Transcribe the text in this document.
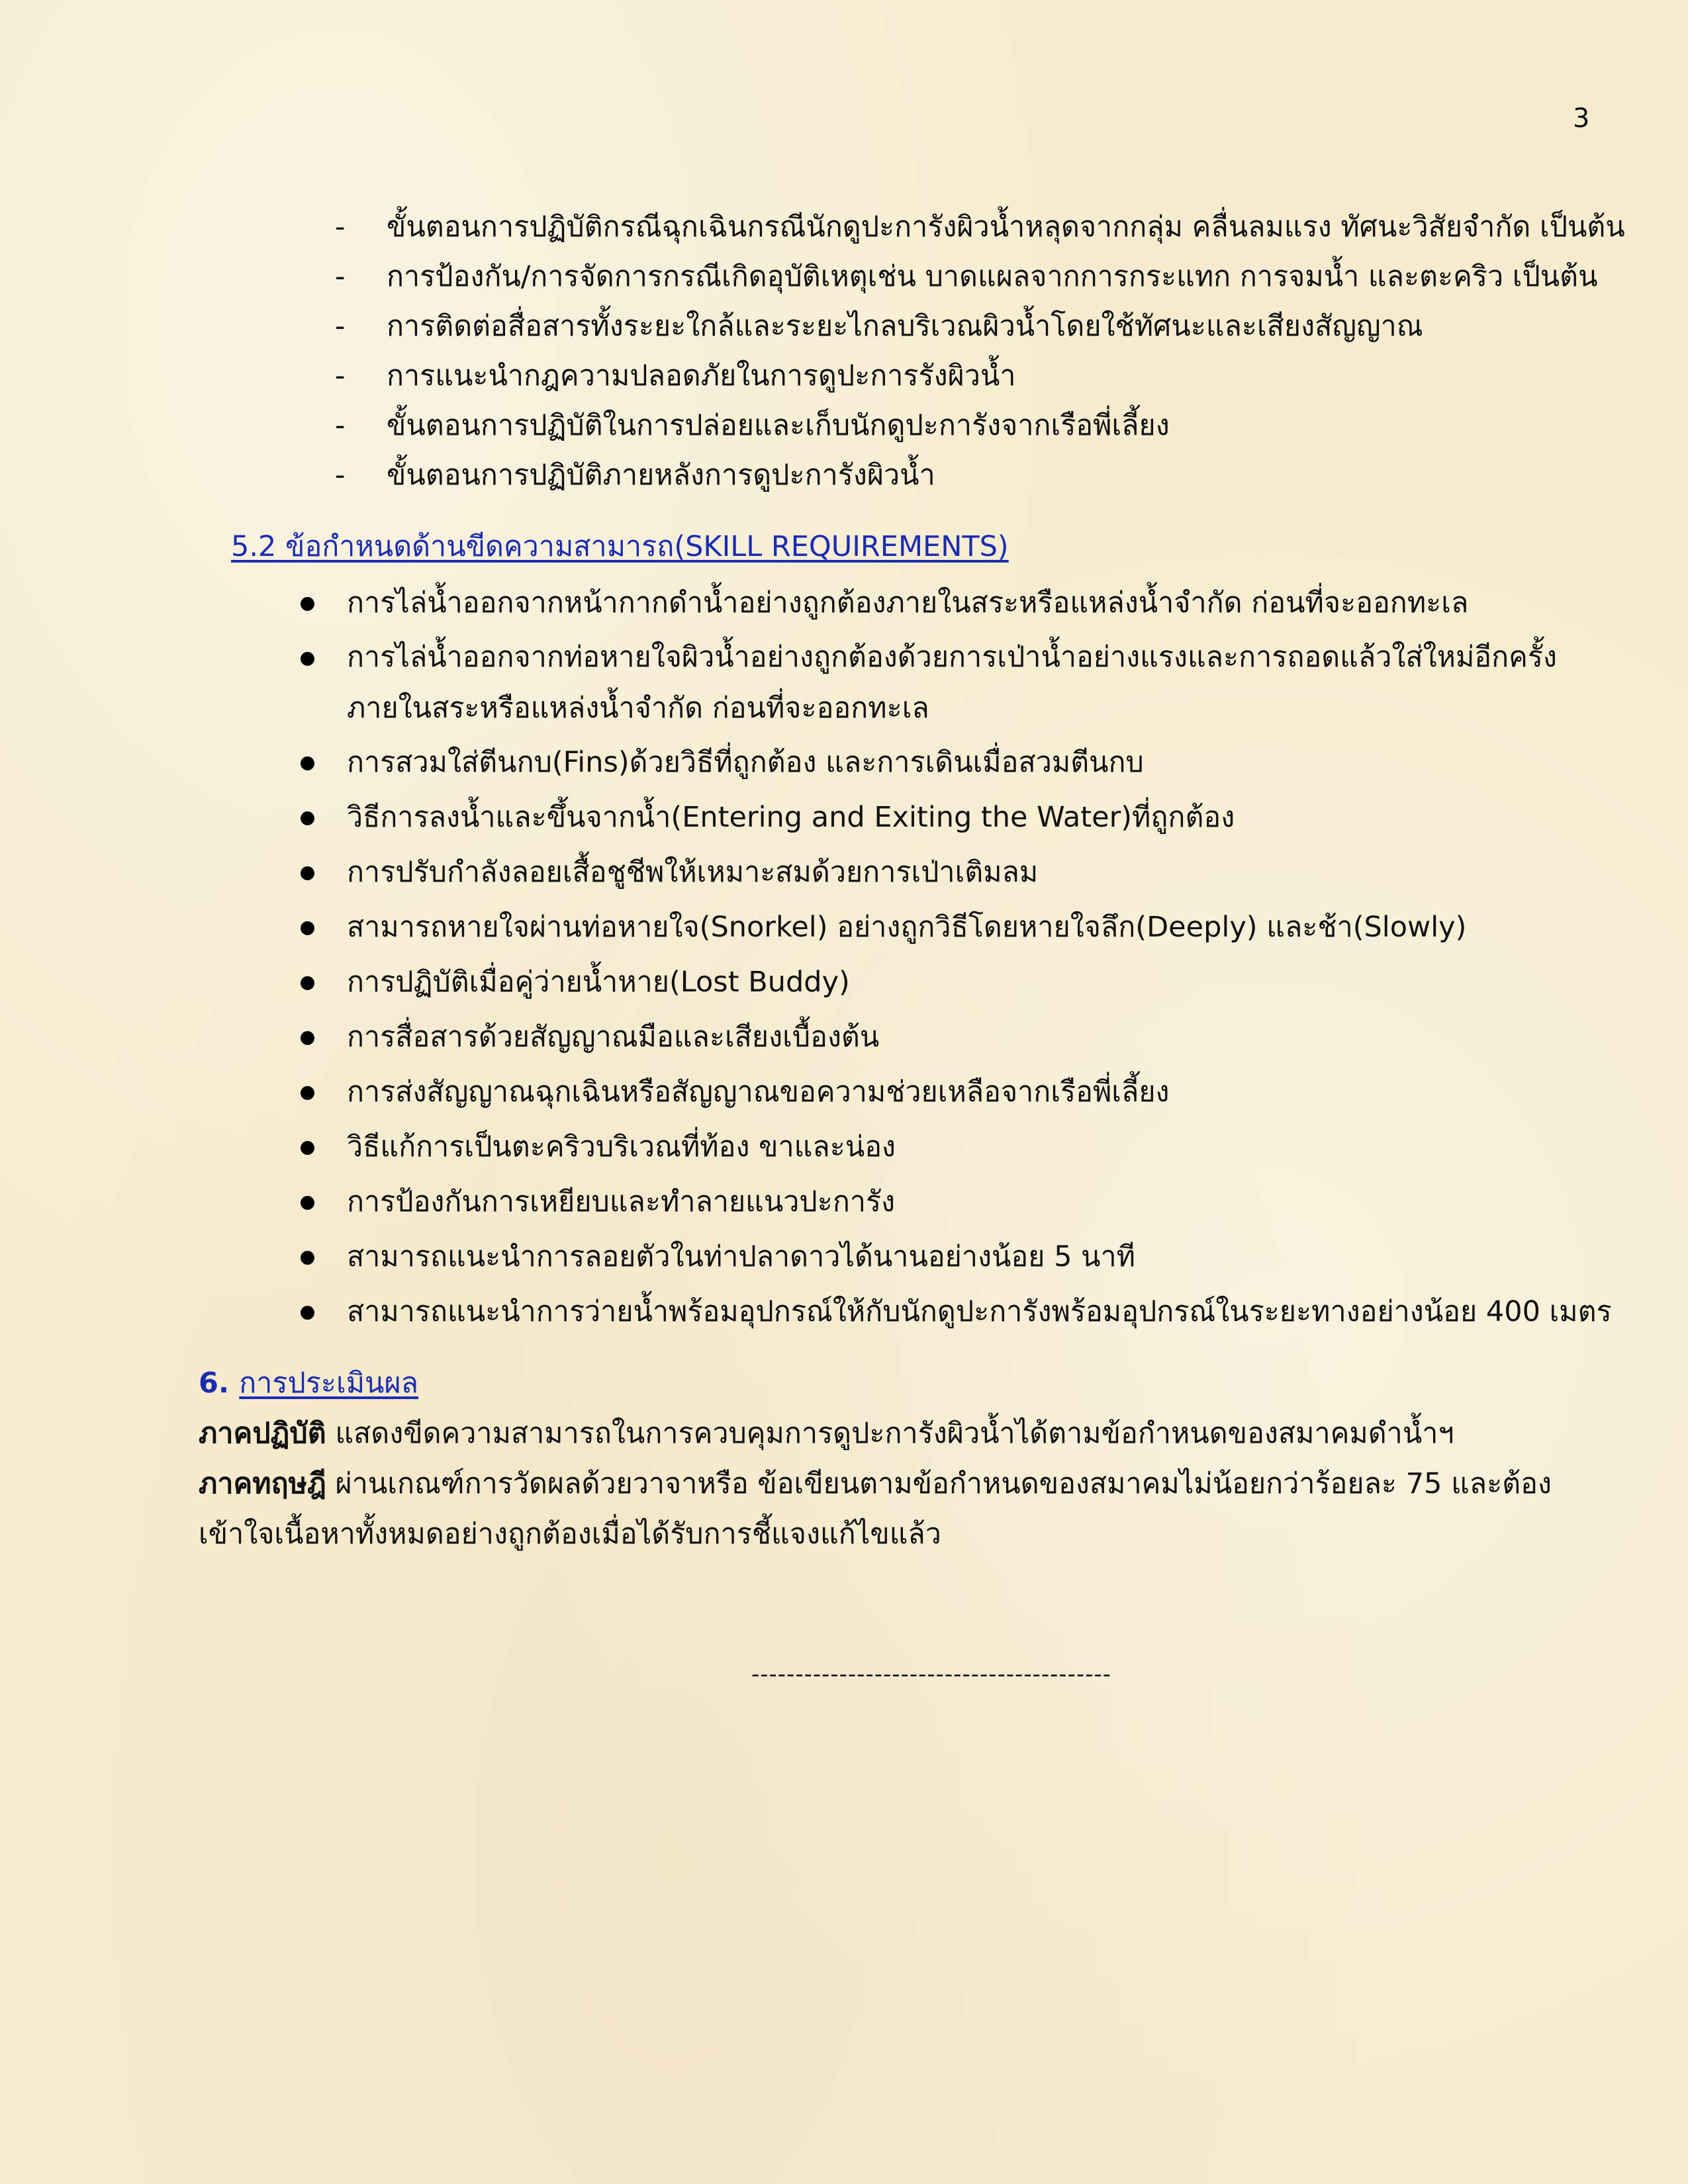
3

- ขั้นตอนการปฏิบัติกรณีฉุกเฉินกรณีนักดูปะการังผิวน้ำหลุดจากกลุ่ม คลื่นลมแรง ทัศนะวิสัยจำกัด เป็นต้น
- การป้องกัน/การจัดการกรณีเกิดอุบัติเหตุเช่น บาดแผลจากการกระแทก การจมน้ำ และตะคริว เป็นต้น
- การติดต่อสื่อสารทั้งระยะใกล้และระยะไกลบริเวณผิวน้ำโดยใช้ทัศนะและเสียงสัญญาณ
- การแนะนำกฎความปลอดภัยในการดูปะการรังผิวน้ำ
- ขั้นตอนการปฏิบัติในการปล่อยและเก็บนักดูปะการังจากเรือพี่เลี้ยง
- ขั้นตอนการปฏิบัติภายหลังการดูปะการังผิวน้ำ
5.2 ข้อกำหนดด้านขีดความสามารถ(SKILL REQUIREMENTS)
การไล่น้ำออกจากหน้ากากดำน้ำอย่างถูกต้องภายในสระหรือแหล่งน้ำจำกัด ก่อนที่จะออกทะเล
การไล่น้ำออกจากท่อหายใจผิวน้ำอย่างถูกต้องด้วยการเป่าน้ำอย่างแรงและการถอดแล้วใส่ใหม่อีกครั้งภายในสระหรือแหล่งน้ำจำกัด ก่อนที่จะออกทะเล
การสวมใส่ตีนกบ(Fins)ด้วยวิธีที่ถูกต้อง และการเดินเมื่อสวมตีนกบ
วิธีการลงน้ำและขึ้นจากน้ำ(Entering and Exiting the Water)ที่ถูกต้อง
การปรับกำลังลอยเสื้อชูชีพให้เหมาะสมด้วยการเป่าเติมลม
สามารถหายใจผ่านท่อหายใจ(Snorkel) อย่างถูกวิธีโดยหายใจลึก(Deeply) และช้า(Slowly)
การปฏิบัติเมื่อคู่ว่ายน้ำหาย(Lost Buddy)
การสื่อสารด้วยสัญญาณมือและเสียงเบื้องต้น
การส่งสัญญาณฉุกเฉินหรือสัญญาณขอความช่วยเหลือจากเรือพี่เลี้ยง
วิธีแก้การเป็นตะคริวบริเวณที่ท้อง ขาและน่อง
การป้องกันการเหยียบและทำลายแนวปะการัง
สามารถแนะนำการลอยตัวในท่าปลาดาวได้นานอย่างน้อย 5 นาที
สามารถแนะนำการว่ายน้ำพร้อมอุปกรณ์ให้กับนักดูปะการังพร้อมอุปกรณ์ในระยะทางอย่างน้อย 400 เมตร
6. การประเมินผล

ภาคปฏิบัติ แสดงขีดความสามารถในการควบคุมการดูปะการังผิวน้ำได้ตามข้อกำหนดของสมาคมดำน้ำฯ

ภาคทฤษฎี ผ่านเกณฑ์การวัดผลด้วยวาจาหรือ ข้อเขียนตามข้อกำหนดของสมาคมไม่น้อยกว่าร้อยละ 75 และต้องเข้าใจเนื้อหาทั้งหมดอย่างถูกต้องเมื่อได้รับการชี้แจงแก้ไขแล้ว

-----------------------------------------
